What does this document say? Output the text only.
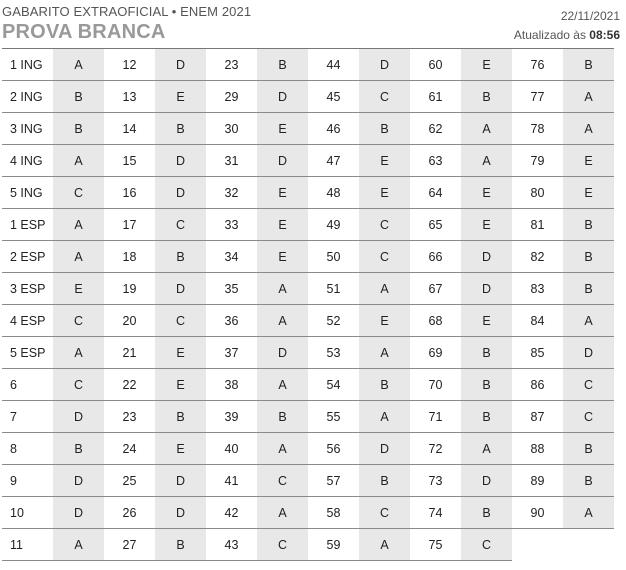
GABARITO EXTRAOFICIAL • ENEM 2021
PROVA BRANCA
22/11/2021
Atualizado às 08:56
1 ING	A	12	D	23	B	44	D	60	E	76	B
2 ING	B	13	E	29	D	45	C	61	B	77	A
3 ING	B	14	B	30	E	46	B	62	A	78	A
4 ING	A	15	D	31	D	47	E	63	A	79	E
5 ING	C	16	D	32	E	48	E	64	E	80	E
1 ESP	A	17	C	33	E	49	C	65	E	81	B
2 ESP	A	18	B	34	E	50	C	66	D	82	B
3 ESP	E	19	D	35	A	51	A	67	D	83	B
4 ESP	C	20	C	36	A	52	E	68	E	84	A
5 ESP	A	21	E	37	D	53	A	69	B	85	D
6	C	22	E	38	A	54	B	70	B	86	C
7	D	23	B	39	B	55	A	71	B	87	C
8	B	24	E	40	A	56	D	72	A	88	B
9	D	25	D	41	C	57	B	73	D	89	B
10	D	26	D	42	A	58	C	74	B	90	A
11	A	27	B	43	C	59	A	75	C
